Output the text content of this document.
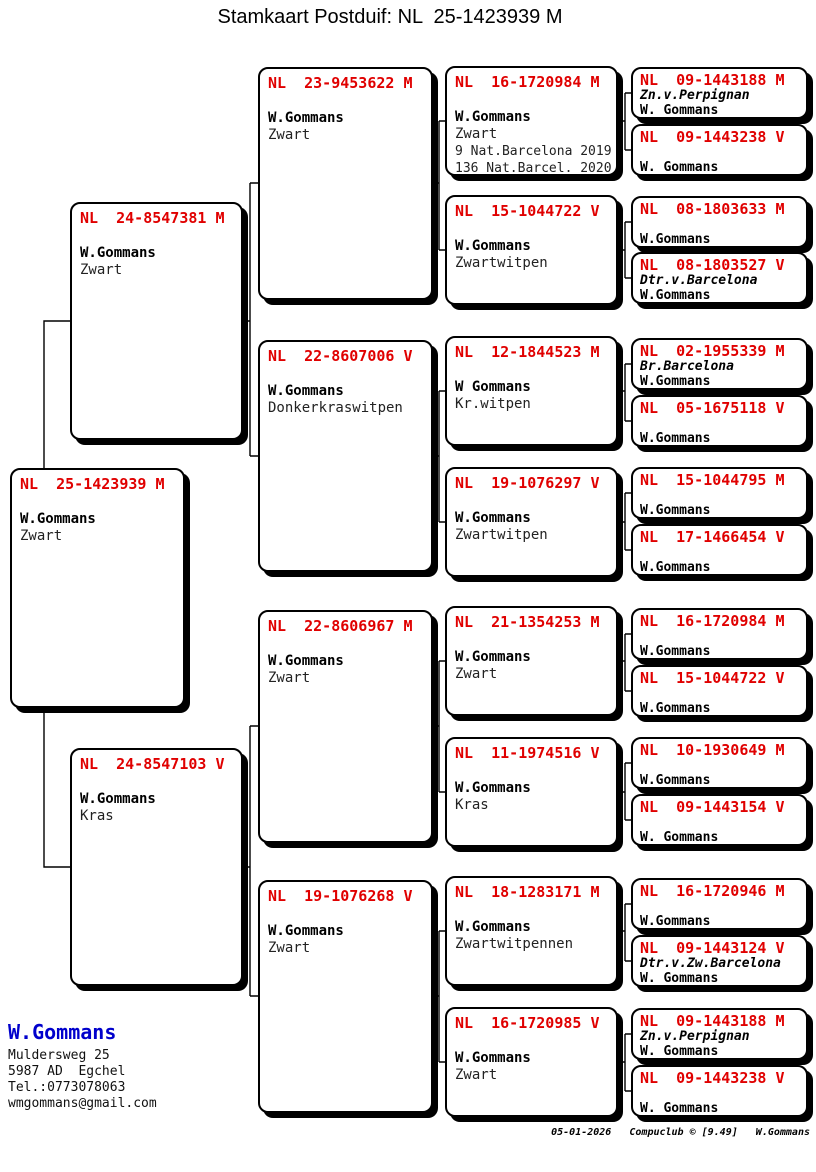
Stamkaart Postduif: NL  25-1423939 M
NL  25-1423939 M
W.Gommans
Zwart
NL  24-8547381 M
W.Gommans
Zwart
NL  24-8547103 V
W.Gommans
Kras
NL  23-9453622 M
W.Gommans
Zwart
NL  22-8607006 V
W.Gommans
Donkerkraswitpen
NL  22-8606967 M
W.Gommans
Zwart
NL  19-1076268 V
W.Gommans
Zwart
NL  16-1720984 M
W.Gommans
Zwart
9 Nat.Barcelona 2019
136 Nat.Barcel. 2020
NL  15-1044722 V
W.Gommans
Zwartwitpen
NL  12-1844523 M
W Gommans
Kr.witpen
NL  19-1076297 V
W.Gommans
Zwartwitpen
NL  21-1354253 M
W.Gommans
Zwart
NL  11-1974516 V
W.Gommans
Kras
NL  18-1283171 M
W.Gommans
Zwartwitpennen
NL  16-1720985 V
W.Gommans
Zwart
NL  09-1443188 M
Zn.v.Perpignan
W. Gommans
NL  09-1443238 V
W. Gommans
NL  08-1803633 M
W.Gommans
NL  08-1803527 V
Dtr.v.Barcelona
W.Gommans
NL  02-1955339 M
Br.Barcelona
W.Gommans
NL  05-1675118 V
W.Gommans
NL  15-1044795 M
W.Gommans
NL  17-1466454 V
W.Gommans
NL  16-1720984 M
W.Gommans
NL  15-1044722 V
W.Gommans
NL  10-1930649 M
W.Gommans
NL  09-1443154 V
W. Gommans
NL  16-1720946 M
W.Gommans
NL  09-1443124 V
Dtr.v.Zw.Barcelona
W. Gommans
NL  09-1443188 M
Zn.v.Perpignan
W. Gommans
NL  09-1443238 V
W. Gommans
W.Gommans
Muldersweg 25
5987 AD  Egchel
Tel.:0773078063
wmgommans@gmail.com
05-01-2026   Compuclub © [9.49]   W.Gommans
